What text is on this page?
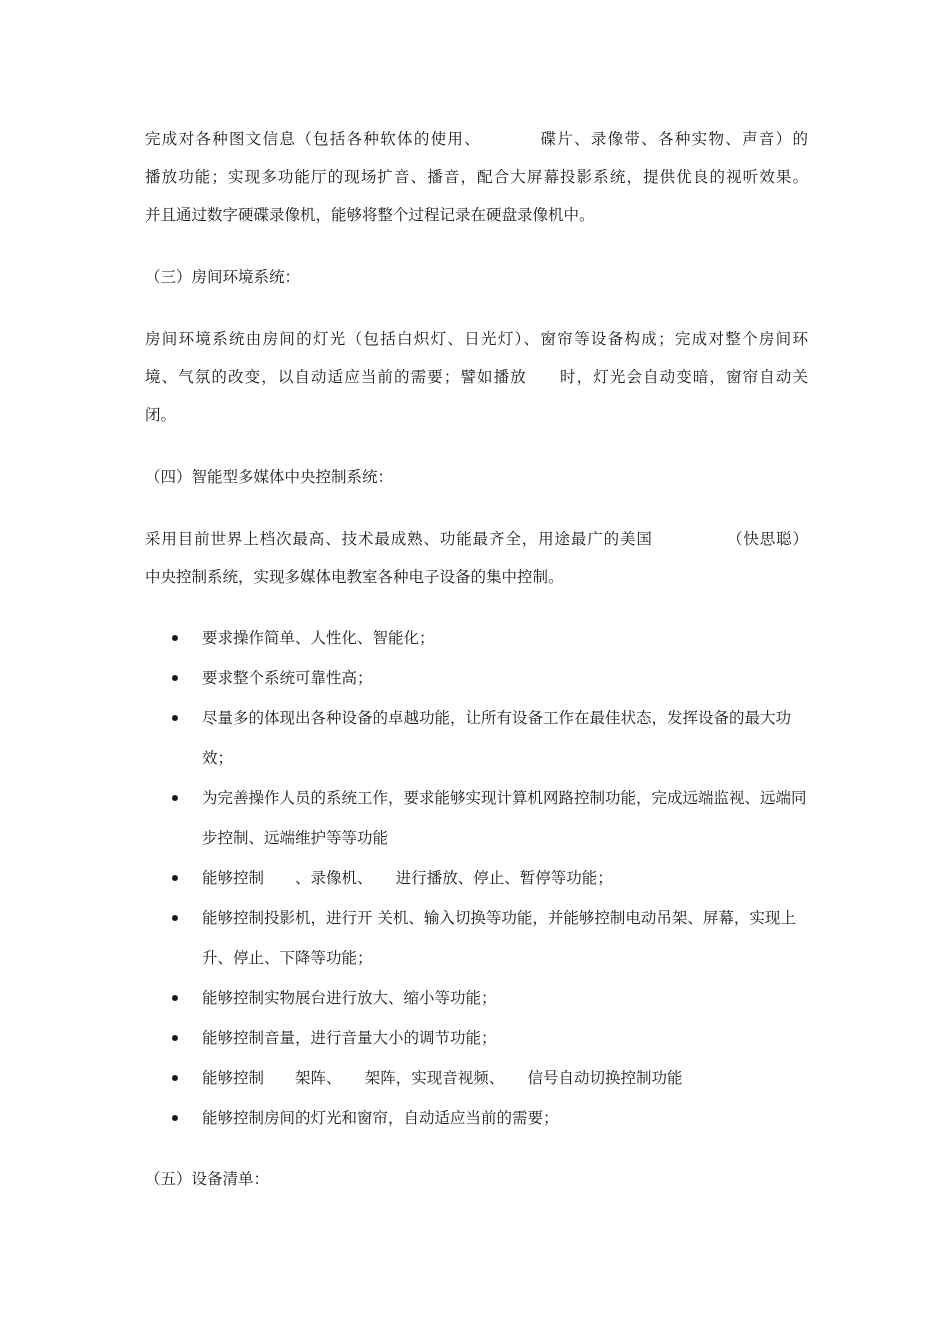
完成对各种图文信息（包括各种软体的使用、　　　　碟片、录像带、各种实物、声音）的

播放功能；实现多功能厅的现场扩音、播音，配合大屏幕投影系统，提供优良的视听效果。

并且通过数字硬碟录像机，能够将整个过程记录在硬盘录像机中。

（三）房间环境系统：

房间环境系统由房间的灯光（包括白炽灯、日光灯）、窗帘等设备构成；完成对整个房间环

境、气氛的改变，以自动适应当前的需要；譬如播放　　时，灯光会自动变暗，窗帘自动关

闭。

（四）智能型多媒体中央控制系统：

采用目前世界上档次最高、技术最成熟、功能最齐全，用途最广的美国　　　　　（快思聪）

中央控制系统，实现多媒体电教室各种电子设备的集中控制。

要求操作简单、人性化、智能化；
要求整个系统可靠性高；
尽量多的体现出各种设备的卓越功能，让所有设备工作在最佳状态，发挥设备的最大功效；
为完善操作人员的系统工作，要求能够实现计算机网路控制功能，完成远端监视、远端同步控制、远端维护等等功能
能够控制　　、录像机、　　进行播放、停止、暂停等功能；
能够控制投影机，进行开 关机、输入切换等功能，并能够控制电动吊架、屏幕，实现上升、停止、下降等功能；
能够控制实物展台进行放大、缩小等功能；
能够控制音量，进行音量大小的调节功能；
能够控制　　架阵、　　架阵，实现音视频、　　信号自动切换控制功能
能够控制房间的灯光和窗帘，自动适应当前的需要；

（五）设备清单：
